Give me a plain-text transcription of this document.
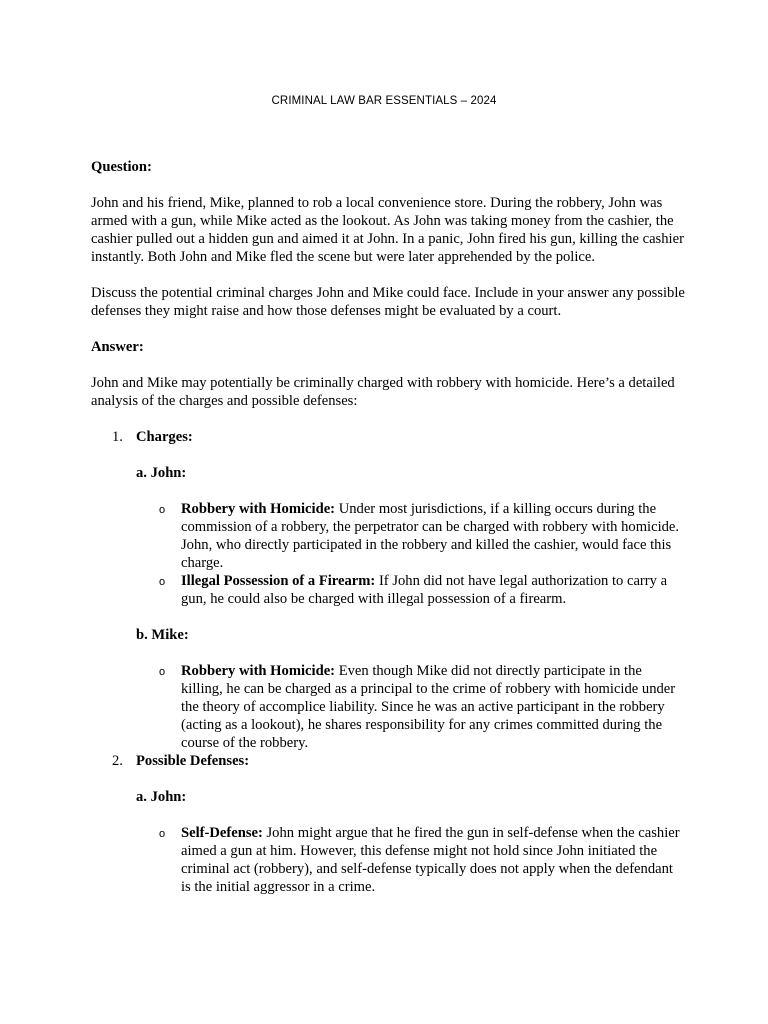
CRIMINAL LAW BAR ESSENTIALS – 2024

Question:

John and his friend, Mike, planned to rob a local convenience store. During the robbery, John was armed with a gun, while Mike acted as the lookout. As John was taking money from the cashier, the cashier pulled out a hidden gun and aimed it at John. In a panic, John fired his gun, killing the cashier instantly. Both John and Mike fled the scene but were later apprehended by the police.

Discuss the potential criminal charges John and Mike could face. Include in your answer any possible defenses they might raise and how those defenses might be evaluated by a court.

Answer:

John and Mike may potentially be criminally charged with robbery with homicide. Here’s a detailed analysis of the charges and possible defenses:

1. Charges:

a. John:

o Robbery with Homicide: Under most jurisdictions, if a killing occurs during the commission of a robbery, the perpetrator can be charged with robbery with homicide. John, who directly participated in the robbery and killed the cashier, would face this charge.
o Illegal Possession of a Firearm: If John did not have legal authorization to carry a gun, he could also be charged with illegal possession of a firearm.

b. Mike:

o Robbery with Homicide: Even though Mike did not directly participate in the killing, he can be charged as a principal to the crime of robbery with homicide under the theory of accomplice liability. Since he was an active participant in the robbery (acting as a lookout), he shares responsibility for any crimes committed during the course of the robbery.
2. Possible Defenses:

a. John:

o Self-Defense: John might argue that he fired the gun in self-defense when the cashier aimed a gun at him. However, this defense might not hold since John initiated the criminal act (robbery), and self-defense typically does not apply when the defendant is the initial aggressor in a crime.
